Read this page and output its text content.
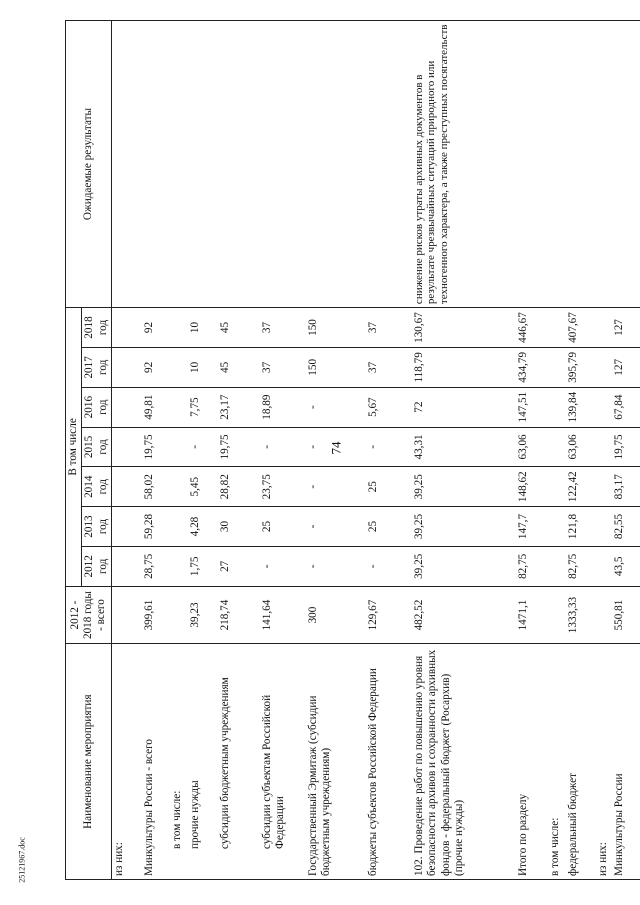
74
25121967.doc
Наименование мероприятия	2012 - 2018 годы - всего	В том числе							Ожидаемые результаты
		2012 год	2013 год	2014 год	2015 год	2016 год	2017 год	2018 год	
из них:									
Минкультуры России - всего	399,61	28,75	59,28	58,02	19,75	49,81	92	92	
в том числе:									
прочие нужды	39,23	1,75	4,28	5,45	-	7,75	10	10	
субсидии бюджетным учреждениям	218,74	27	30	28,82	19,75	23,17	45	45	
субсидии субъектам Российской Федерации	141,64	-	25	23,75	-	18,89	37	37	
Государственный Эрмитаж (субсидии бюджетным учреждениям)	300	-	-	-	-	-	150	150	
бюджеты субъектов Российской Федерации	129,67	-	25	25	-	5,67	37	37	
102. Проведение работ по повышению уровня безопасности архивов и сохранности архивных фондов - федеральный бюджет (Росархив) (прочие нужды)	482,52	39,25	39,25	39,25	43,31	72	118,79	130,67	снижение рисков утраты архивных документов в результате чрезвычайных ситуаций природного или техногенного характера, а также преступных посягательств
Итого по разделу	1471,1	82,75	147,7	148,62	63,06	147,51	434,79	446,67	
в том числе:									
федеральный бюджет	1333,33	82,75	121,8	122,42	63,06	139,84	395,79	407,67	
из них:									
Минкультуры России	550,81	43,5	82,55	83,17	19,75	67,84	127	127	
